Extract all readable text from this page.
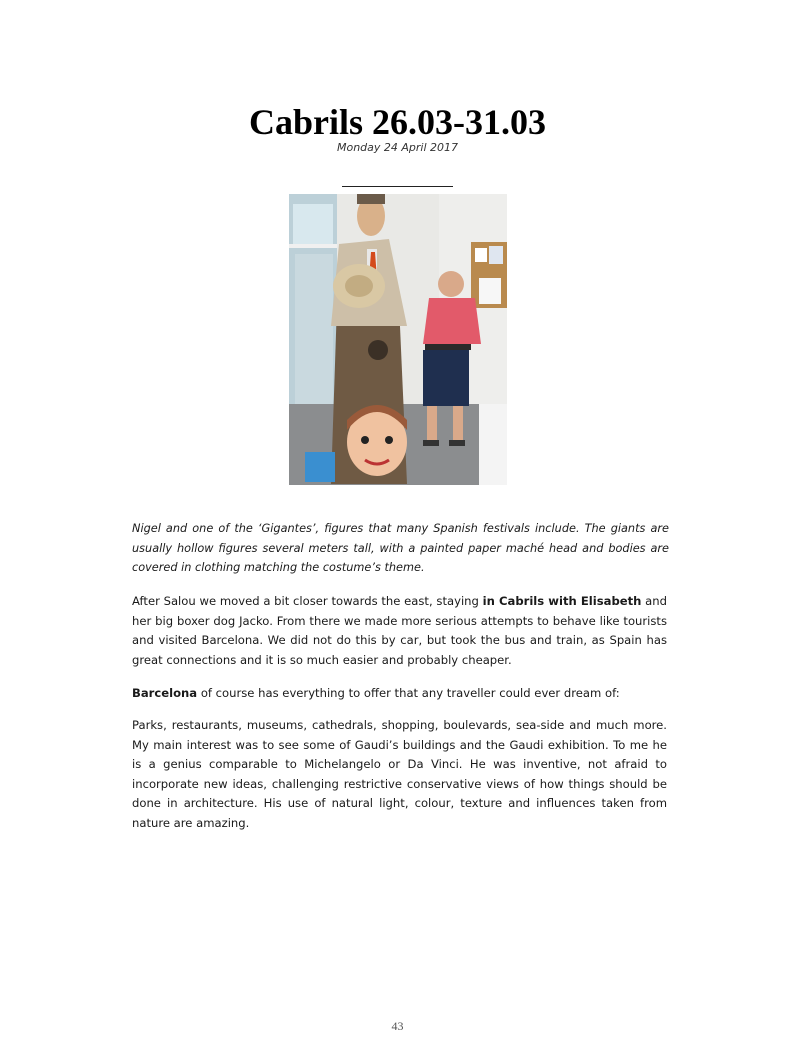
Cabrils 26.03-31.03
Monday 24 April 2017

Nigel and one of the ‘Gigantes’, figures that many Spanish festivals include. The giants are usually hollow figures several meters tall, with a painted paper maché head and bodies are covered in clothing matching the costume’s theme.

After Salou we moved a bit closer towards the east, staying in Cabrils with Elisabeth and her big boxer dog Jacko. From there we made more serious attempts to behave like tourists and visited Barcelona. We did not do this by car, but took the bus and train, as Spain has great connections and it is so much easier and probably cheaper.

Barcelona of course has everything to offer that any traveller could ever dream of:

Parks, restaurants, museums, cathedrals, shopping, boulevards, sea-side and much more. My main interest was to see some of Gaudi’s buildings and the Gaudi exhibition. To me he is a genius comparable to Michelangelo or Da Vinci. He was inventive, not afraid to incorporate new ideas, challenging restrictive conservative views of how things should be done in architecture. His use of natural light, colour, texture and influences taken from nature are amazing.

43
